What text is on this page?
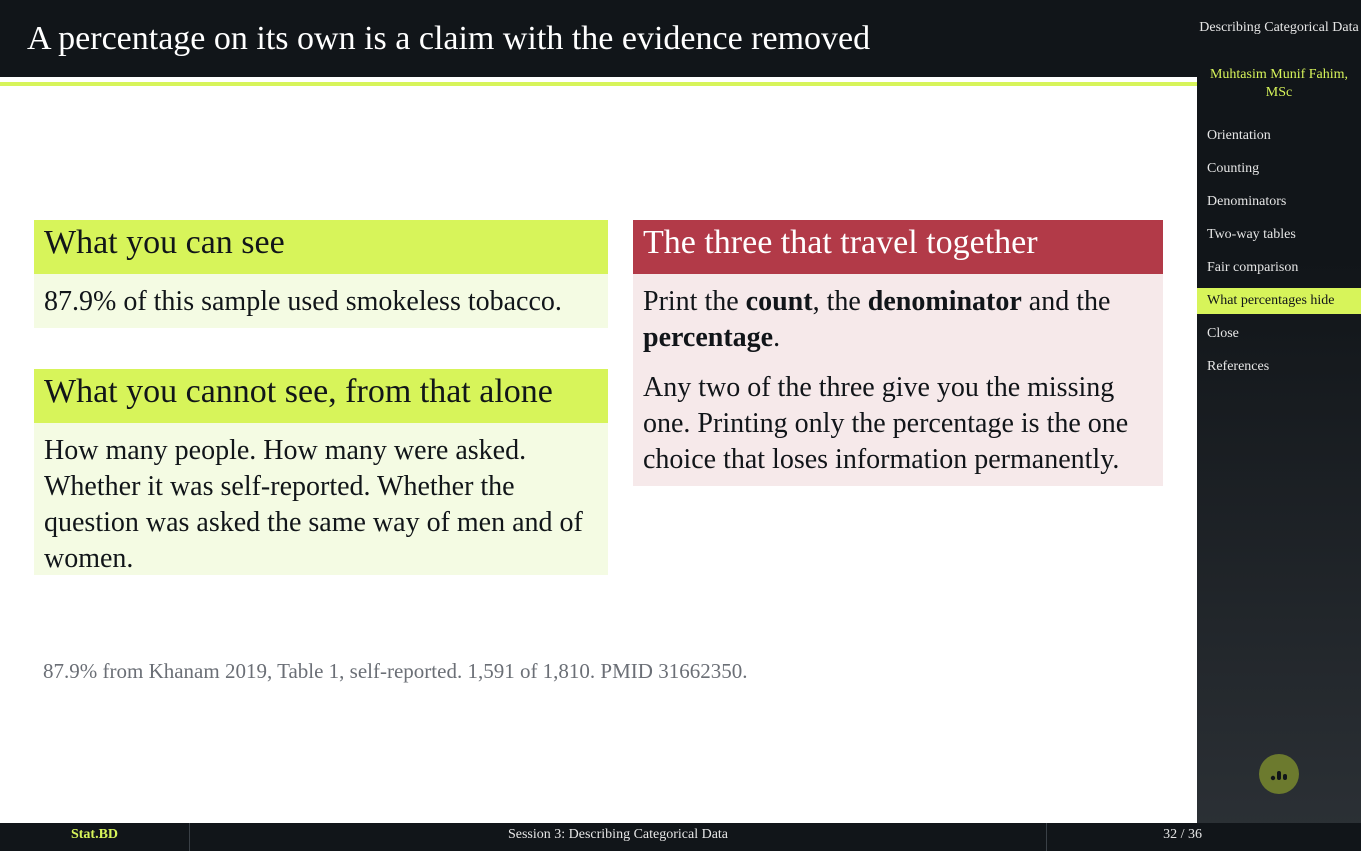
A percentage on its own is a claim with the evidence removed
What you can see
87.9% of this sample used smokeless tobacco.
What you cannot see, from that alone
How many people. How many were asked. Whether it was self-reported. Whether the question was asked the same way of men and of women.
The three that travel together

Print the count, the denominator and the percentage.

Any two of the three give you the missing one. Printing only the percentage is the one choice that loses information permanently.

87.9% from Khanam 2019, Table 1, self-reported. 1,591 of 1,810. PMID 31662350.
Describing Categorical Data
Muhtasim Munif Fahim, MSc
Orientation
Counting
Denominators
Two-way tables
Fair comparison
What percentages hide
Close
References
Stat.BD	Session 3: Describing Categorical Data	32 / 36
